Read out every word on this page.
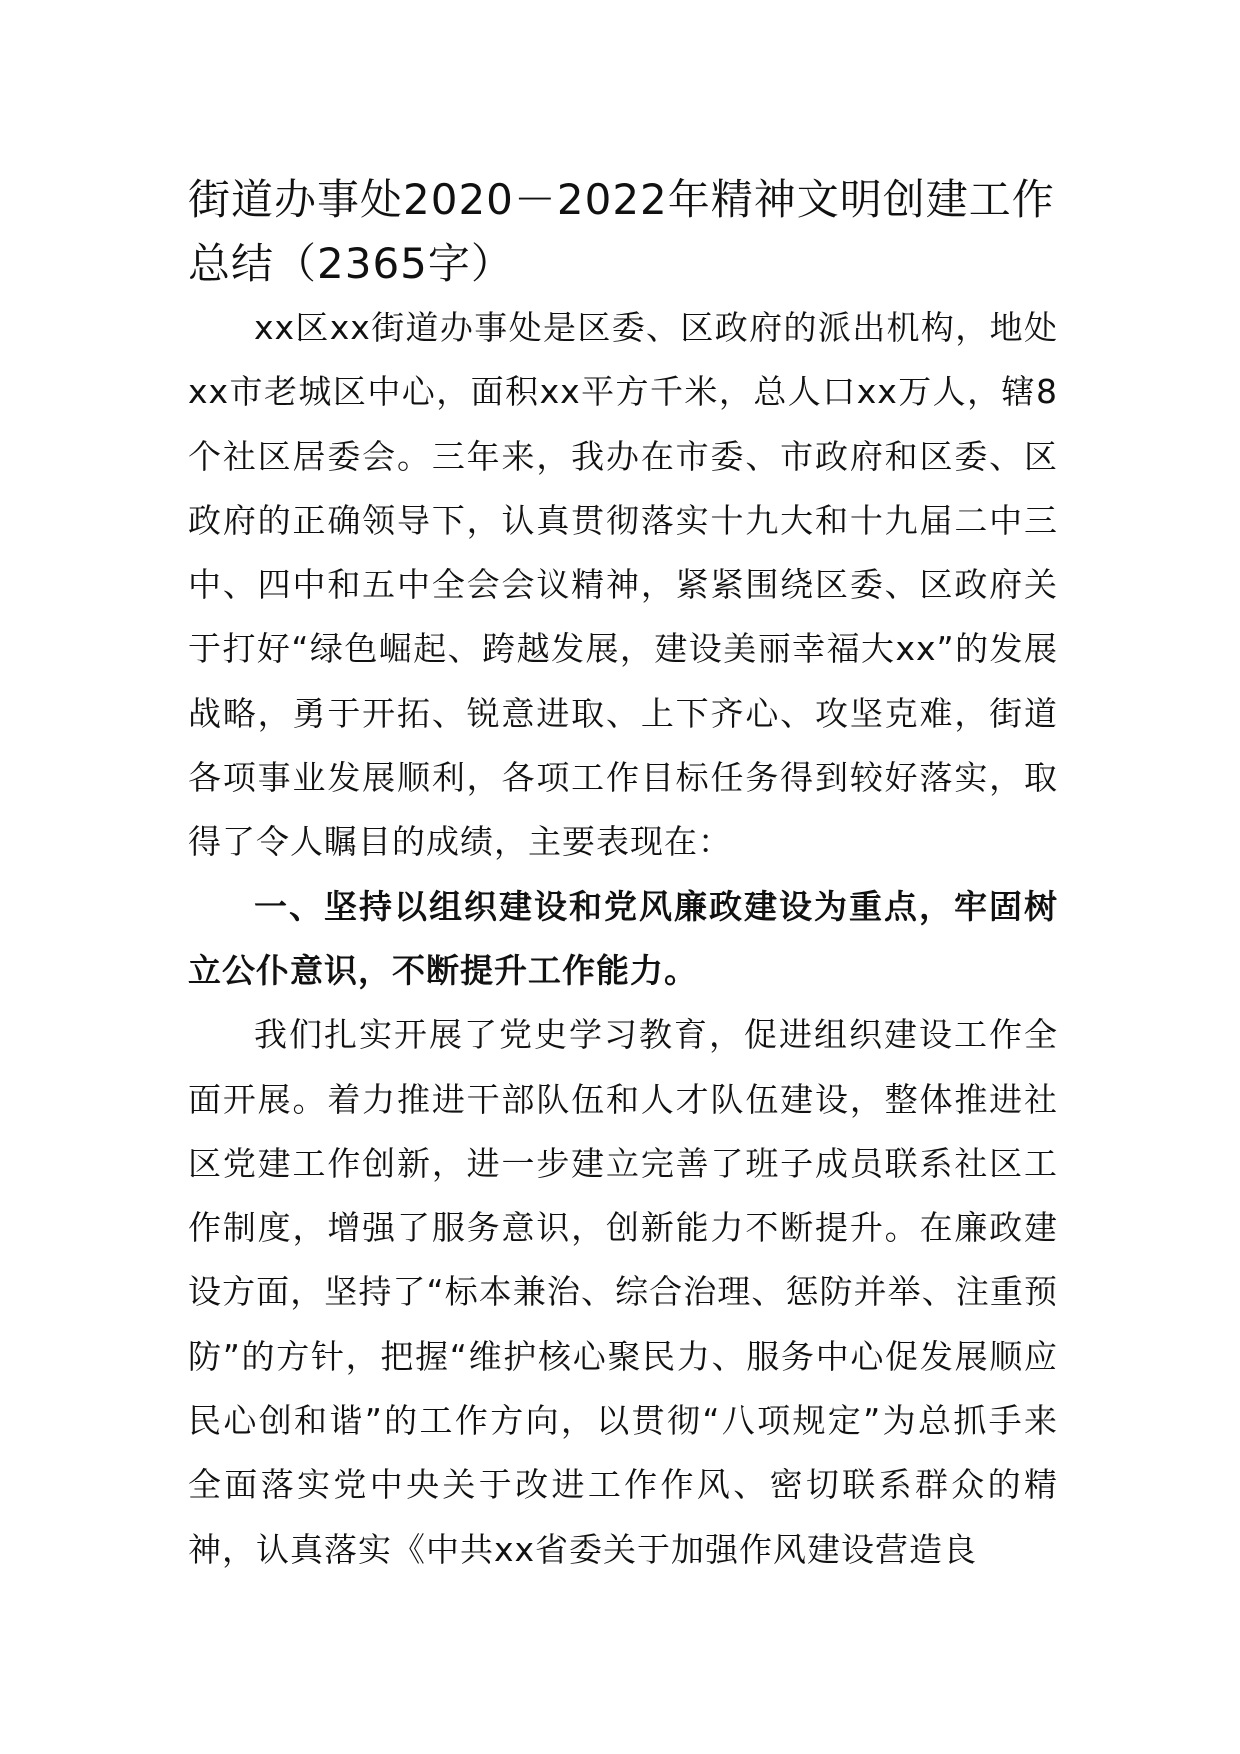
街道办事处2020－2022年精神文明创建工作总结（2365字）

xx区xx街道办事处是区委、区政府的派出机构，地处xx市老城区中心，面积xx平方千米，总人口xx万人，辖8个社区居委会。三年来，我办在市委、市政府和区委、区政府的正确领导下，认真贯彻落实十九大和十九届二中三中、四中和五中全会会议精神，紧紧围绕区委、区政府关于打好“绿色崛起、跨越发展，建设美丽幸福大xx”的发展战略，勇于开拓、锐意进取、上下齐心、攻坚克难，街道各项事业发展顺利，各项工作目标任务得到较好落实，取得了令人瞩目的成绩，主要表现在：

一、坚持以组织建设和党风廉政建设为重点，牢固树立公仆意识，不断提升工作能力。

我们扎实开展了党史学习教育，促进组织建设工作全面开展。着力推进干部队伍和人才队伍建设，整体推进社区党建工作创新，进一步建立完善了班子成员联系社区工作制度，增强了服务意识，创新能力不断提升。在廉政建设方面，坚持了“标本兼治、综合治理、惩防并举、注重预防”的方针，把握“维护核心聚民力、服务中心促发展顺应民心创和谐”的工作方向，以贯彻“八项规定”为总抓手来全面落实党中央关于改进工作作风、密切联系群众的精神，认真落实《中共xx省委关于加强作风建设营造良
